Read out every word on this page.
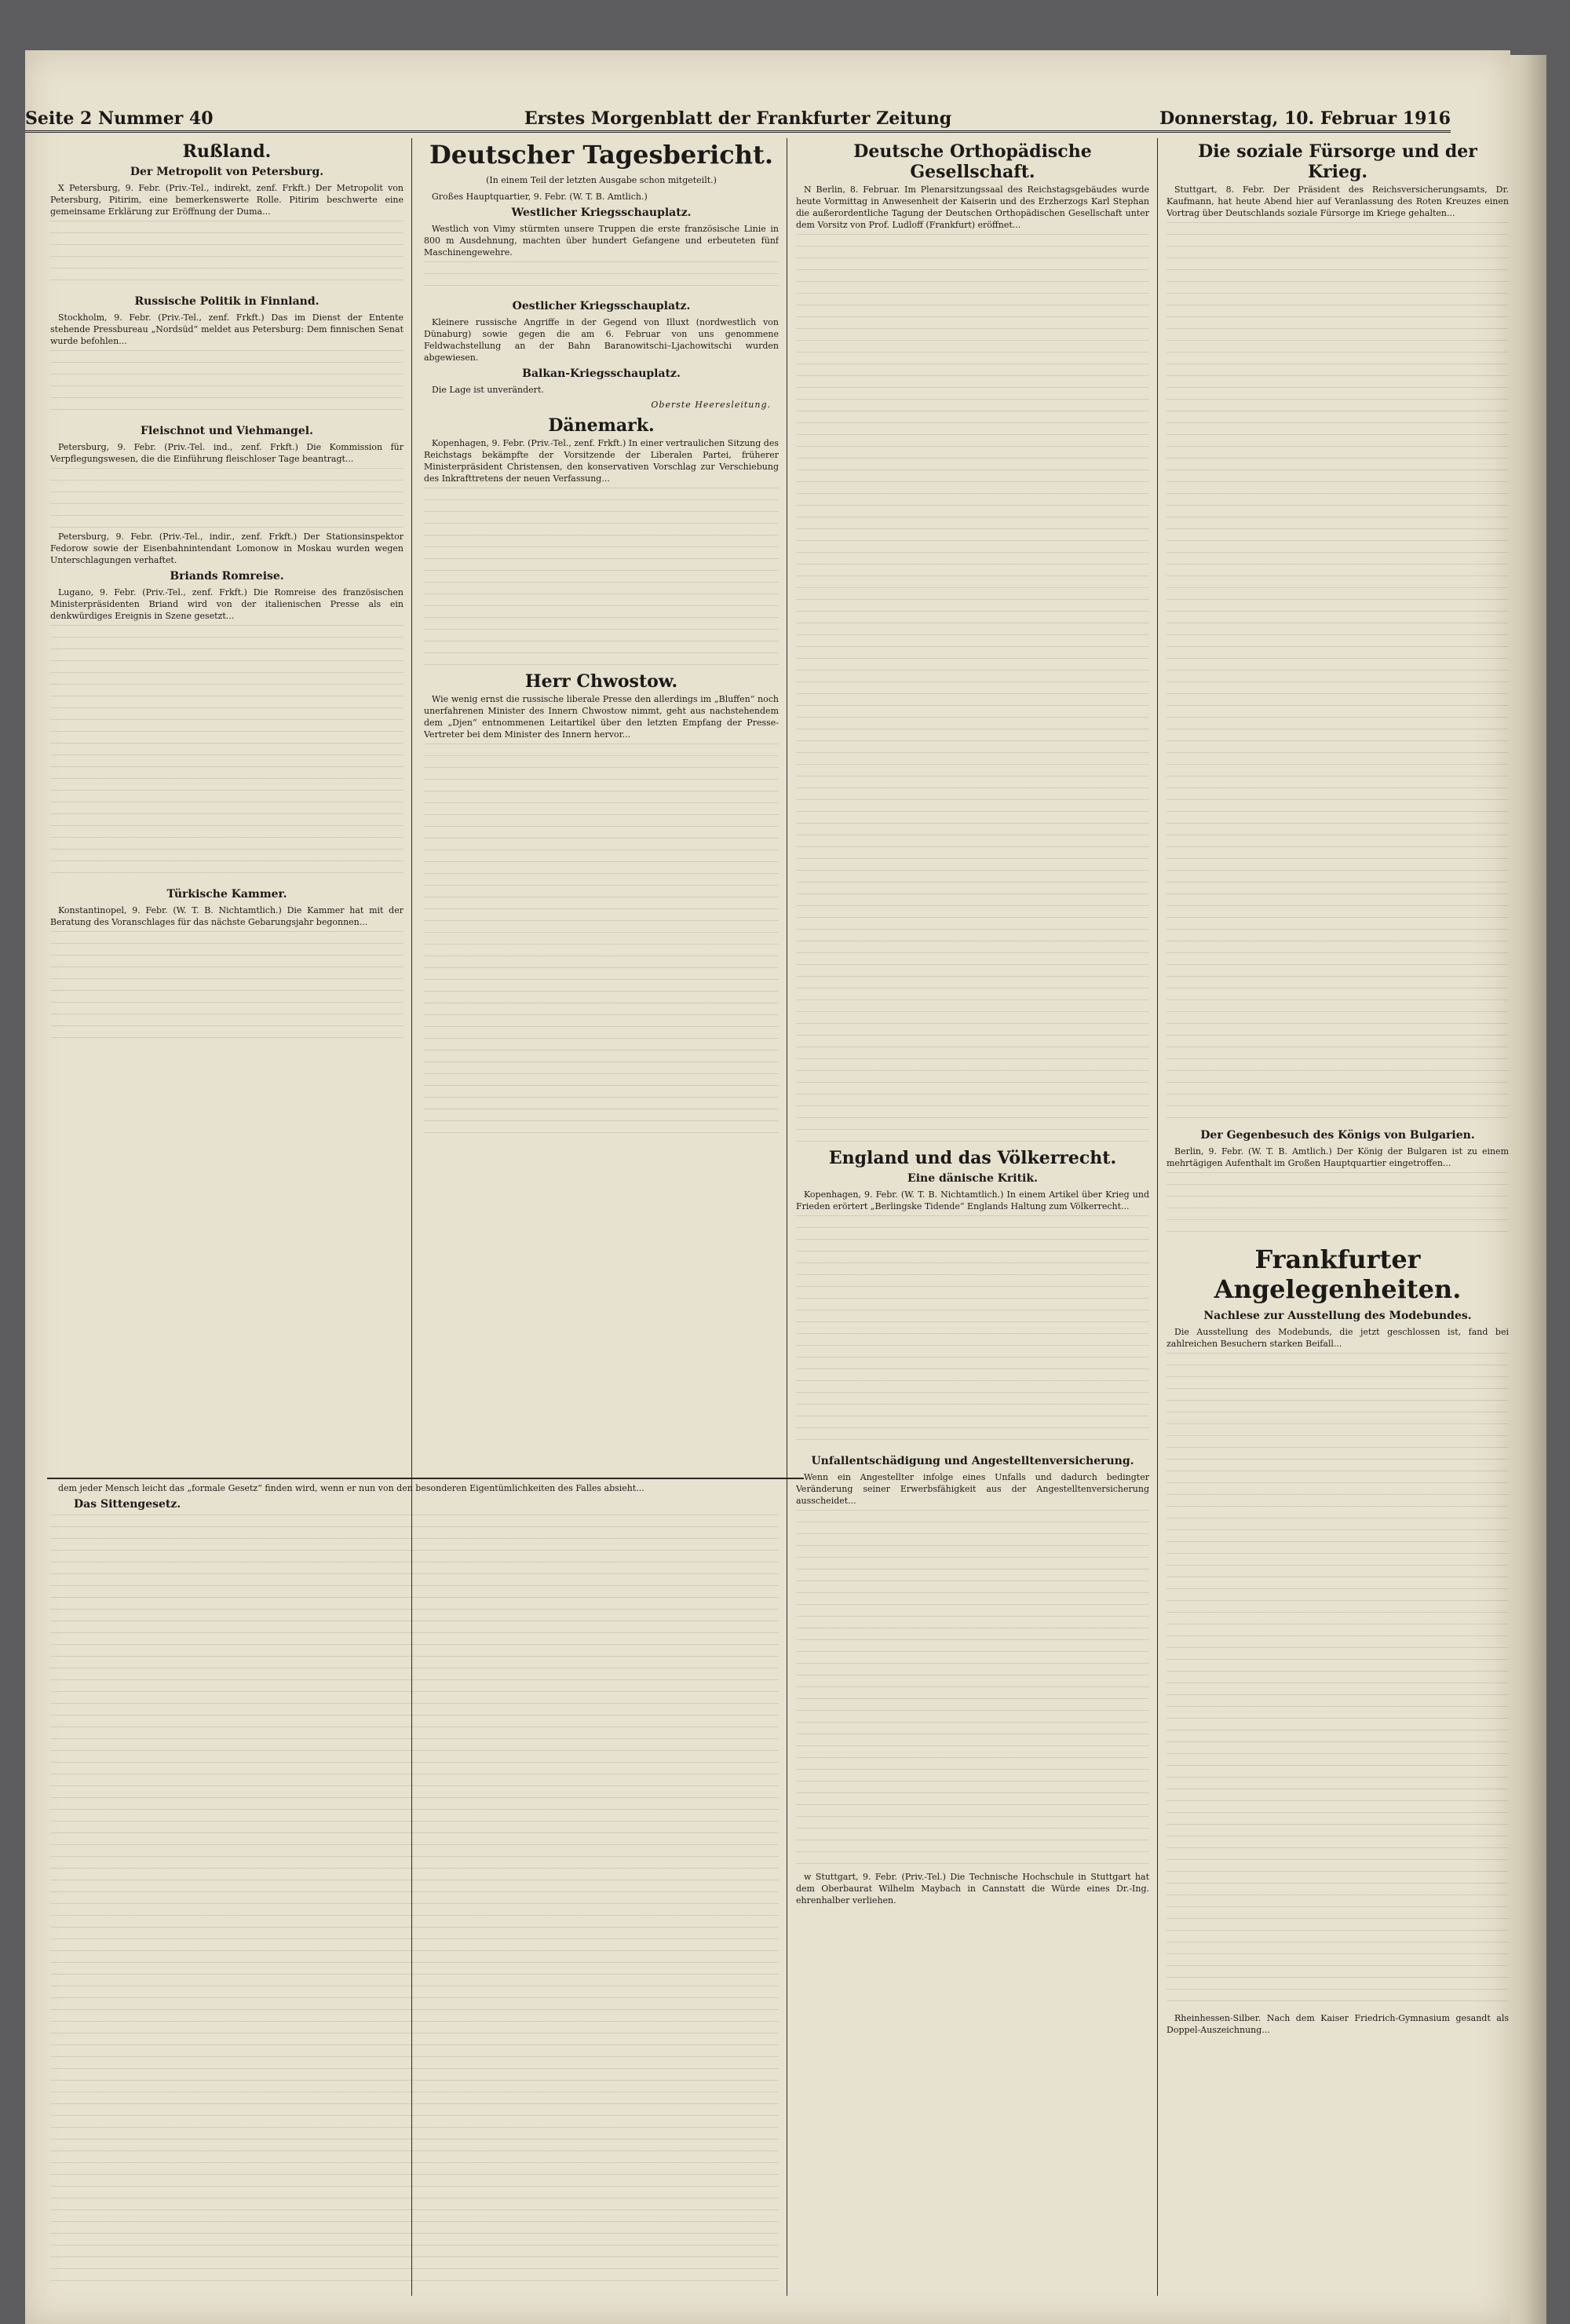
Seite 2 Nummer 40	Erstes Morgenblatt der Frankfurter Zeitung	Donnerstag, 10. Februar 1916
Rußland.
Der Metropolit von Petersburg.

X Petersburg, 9. Febr. (Priv.-Tel., indirekt, zenf. Frkft.) Der Metropolit von Petersburg, Pitirim, eine bemerkenswerte Rolle. Pitirim beschwerte eine gemeinsame Erklärung zur Eröffnung der Duma...

Russische Politik in Finnland.

Stockholm, 9. Febr. (Priv.-Tel., zenf. Frkft.) Das im Dienst der Entente stehende Pressbureau „Nordsüd“ meldet aus Petersburg: Dem finnischen Senat wurde befohlen...

Fleischnot und Viehmangel.

Petersburg, 9. Febr. (Priv.-Tel. ind., zenf. Frkft.) Die Kommission für Verpflegungswesen, die die Einführung fleischloser Tage beantragt...

Petersburg, 9. Febr. (Priv.-Tel., indir., zenf. Frkft.) Der Stationsinspektor Fedorow sowie der Eisenbahnintendant Lomonow in Moskau wurden wegen Unterschlagungen verhaftet.

Briands Romreise.

Lugano, 9. Febr. (Priv.-Tel., zenf. Frkft.) Die Romreise des französischen Ministerpräsidenten Briand wird von der italienischen Presse als ein denkwürdiges Ereignis in Szene gesetzt...

Türkische Kammer.

Konstantinopel, 9. Febr. (W. T. B. Nichtamtlich.) Die Kammer hat mit der Beratung des Voranschlages für das nächste Gebarungsjahr begonnen...

Deutscher Tagesbericht.
(In einem Teil der letzten Ausgabe schon mitgeteilt.)

Großes Hauptquartier, 9. Febr. (W. T. B. Amtlich.)

Westlicher Kriegsschauplatz.

Westlich von Vimy stürmten unsere Truppen die erste französische Linie in 800 m Ausdehnung, machten über hundert Gefangene und erbeuteten fünf Maschinengewehre.

Oestlicher Kriegsschauplatz.

Kleinere russische Angriffe in der Gegend von Illuxt (nordwestlich von Dünaburg) sowie gegen die am 6. Februar von uns genommene Feldwachstellung an der Bahn Baranowitschi–Ljachowitschi wurden abgewiesen.

Balkan-Kriegsschauplatz.

Die Lage ist unverändert.

Oberste Heeresleitung.
Dänemark.

Kopenhagen, 9. Febr. (Priv.-Tel., zenf. Frkft.) In einer vertraulichen Sitzung des Reichstags bekämpfte der Vorsitzende der Liberalen Partei, früherer Ministerpräsident Christensen, den konservativen Vorschlag zur Verschiebung des Inkrafttretens der neuen Verfassung...

Herr Chwostow.

Wie wenig ernst die russische liberale Presse den allerdings im „Bluffen“ noch unerfahrenen Minister des Innern Chwostow nimmt, geht aus nachstehendem dem „Djen“ entnommenen Leitartikel über den letzten Empfang der Presse-Vertreter bei dem Minister des Innern hervor...

Deutsche Orthopädische Gesellschaft.

N Berlin, 8. Februar. Im Plenarsitzungssaal des Reichstagsgebäudes wurde heute Vormittag in Anwesenheit der Kaiserin und des Erzherzogs Karl Stephan die außerordentliche Tagung der Deutschen Orthopädischen Gesellschaft unter dem Vorsitz von Prof. Ludloff (Frankfurt) eröffnet...

England und das Völkerrecht.
Eine dänische Kritik.

Kopenhagen, 9. Febr. (W. T. B. Nichtamtlich.) In einem Artikel über Krieg und Frieden erörtert „Berlingske Tidende“ Englands Haltung zum Völkerrecht...

Unfallentschädigung und Angestelltenversicherung.

Wenn ein Angestellter infolge eines Unfalls und dadurch bedingter Veränderung seiner Erwerbsfähigkeit aus der Angestelltenversicherung ausscheidet...

w Stuttgart, 9. Febr. (Priv.-Tel.) Die Technische Hochschule in Stuttgart hat dem Oberbaurat Wilhelm Maybach in Cannstatt die Würde eines Dr.-Ing. ehrenhalber verliehen.

Die soziale Fürsorge und der Krieg.

Stuttgart, 8. Febr. Der Präsident des Reichsversicherungsamts, Dr. Kaufmann, hat heute Abend hier auf Veranlassung des Roten Kreuzes einen Vortrag über Deutschlands soziale Fürsorge im Kriege gehalten...

Der Gegenbesuch des Königs von Bulgarien.

Berlin, 9. Febr. (W. T. B. Amtlich.) Der König der Bulgaren ist zu einem mehrtägigen Aufenthalt im Großen Hauptquartier eingetroffen...

Frankfurter Angelegenheiten.
Nachlese zur Ausstellung des Modebundes.

Die Ausstellung des Modebunds, die jetzt geschlossen ist, fand bei zahlreichen Besuchern starken Beifall...

Rheinhessen-Silber. Nach dem Kaiser Friedrich-Gymnasium gesandt als Doppel-Auszeichnung...

dem jeder Mensch leicht das „formale Gesetz“ finden wird, wenn er nun von den besonderen Eigentümlichkeiten des Falles absieht...

Das Sittengesetz.
